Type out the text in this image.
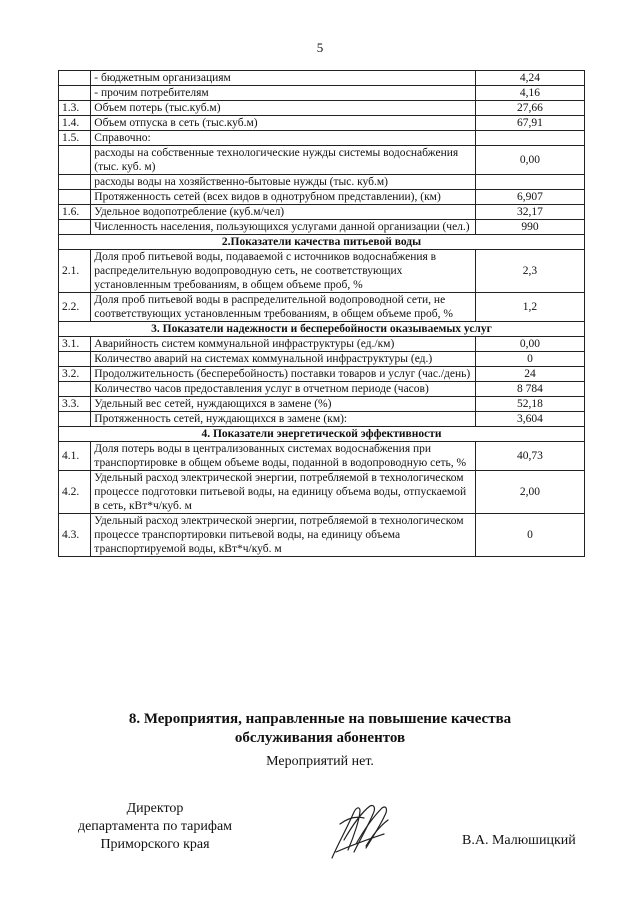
5
	- бюджетным организациям	4,24
	- прочим потребителям	4,16
1.3.	Объем потерь (тыс.куб.м)	27,66
1.4.	Объем отпуска в сеть (тыс.куб.м)	67,91
1.5.	Справочно:	
	расходы на собственные технологические нужды системы водоснабжения (тыс. куб. м)	0,00
	расходы воды на хозяйственно-бытовые нужды (тыс. куб.м)	
	Протяженность сетей (всех видов в однотрубном представлении), (км)	6,907
1.6.	Удельное водопотребление (куб.м/чел)	32,17
	Численность населения, пользующихся услугами данной организации (чел.)	990
2.Показатели качества питьевой воды		
2.1.	Доля проб питьевой воды, подаваемой с источников водоснабжения в распределительную водопроводную сеть, не соответствующих установленным требованиям, в общем объеме проб, %	2,3
2.2.	Доля проб питьевой воды в распределительной водопроводной сети, не соответствующих установленным требованиям, в общем объеме проб, %	1,2
3. Показатели надежности и бесперебойности оказываемых услуг		
3.1.	Аварийность систем коммунальной инфраструктуры (ед./км)	0,00
	Количество аварий на системах коммунальной инфраструктуры (ед.)	0
3.2.	Продолжительность (бесперебойность) поставки товаров и услуг (час./день)	24
	Количество часов предоставления услуг в отчетном периоде (часов)	8 784
3.3.	Удельный вес сетей, нуждающихся в замене (%)	52,18
	Протяженность сетей, нуждающихся в замене (км):	3,604
4. Показатели энергетической эффективности		
4.1.	Доля потерь воды в централизованных системах водоснабжения при транспортировке в общем объеме воды, поданной в водопроводную сеть, %	40,73
4.2.	Удельный расход электрической энергии, потребляемой в технологическом процессе подготовки питьевой воды, на единицу объема воды, отпускаемой в сеть, кВт*ч/куб. м	2,00
4.3.	Удельный расход электрической энергии, потребляемой в технологическом процессе транспортировки питьевой воды, на единицу объема транспортируемой воды, кВт*ч/куб. м	0
8. Мероприятия, направленные на повышение качества
обслуживания абонентов
Мероприятий нет.
Директор
департамента по тарифам
Приморского края	В.А. Малюшицкий
